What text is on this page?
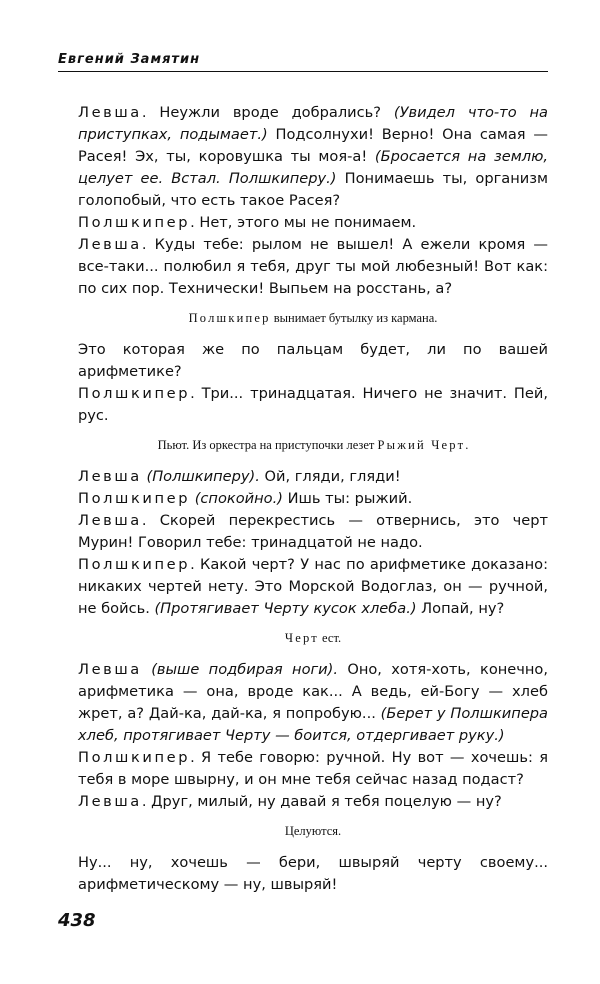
Евгений Замятин

Левша. Неужли вроде добрались? (Увидел что-то на приступках, подымает.) Подсолнухи! Верно! Она самая — Расея! Эх, ты, коровушка ты моя-а! (Бросается на землю, целует ее. Встал. Полшкиперу.) Понимаешь ты, организм голопобый, что есть такое Расея?

Полшкипер. Нет, этого мы не понимаем.

Левша. Куды тебе: рылом не вышел! А ежели кромя — все-таки... полюбил я тебя, друг ты мой любезный! Вот как: по сих пор. Технически! Выпьем на росстань, а?

Полшкипер вынимает бутылку из кармана.

Это которая же по пальцам будет, ли по вашей арифметике?

Полшкипер. Три... тринадцатая. Ничего не значит. Пей, рус.

Пьют. Из оркестра на приступочки лезет Рыжий Черт.

Левша (Полшкиперу). Ой, гляди, гляди!

Полшкипер (спокойно.) Ишь ты: рыжий.

Левша. Скорей перекрестись — отвернись, это черт Мурин! Говорил тебе: тринадцатой не надо.

Полшкипер. Какой черт? У нас по арифметике доказано: никаких чертей нету. Это Морской Водоглаз, он — ручной, не бойсь. (Протягивает Черту кусок хлеба.) Лопай, ну?

Черт ест.

Левша (выше подбирая ноги). Оно, хотя-хоть, конечно, арифметика — она, вроде как... А ведь, ей-Богу — хлеб жрет, а? Дай-ка, дай-ка, я попробую... (Берет у Полшкипера хлеб, протягивает Черту — боится, отдергивает руку.)

Полшкипер. Я тебе говорю: ручной. Ну вот — хочешь: я тебя в море швырну, и он мне тебя сейчас назад подаст?

Левша. Друг, милый, ну давай я тебя поцелую — ну?

Целуются.

Ну... ну, хочешь — бери, швыряй черту своему... арифметическому — ну, швыряй!

438
